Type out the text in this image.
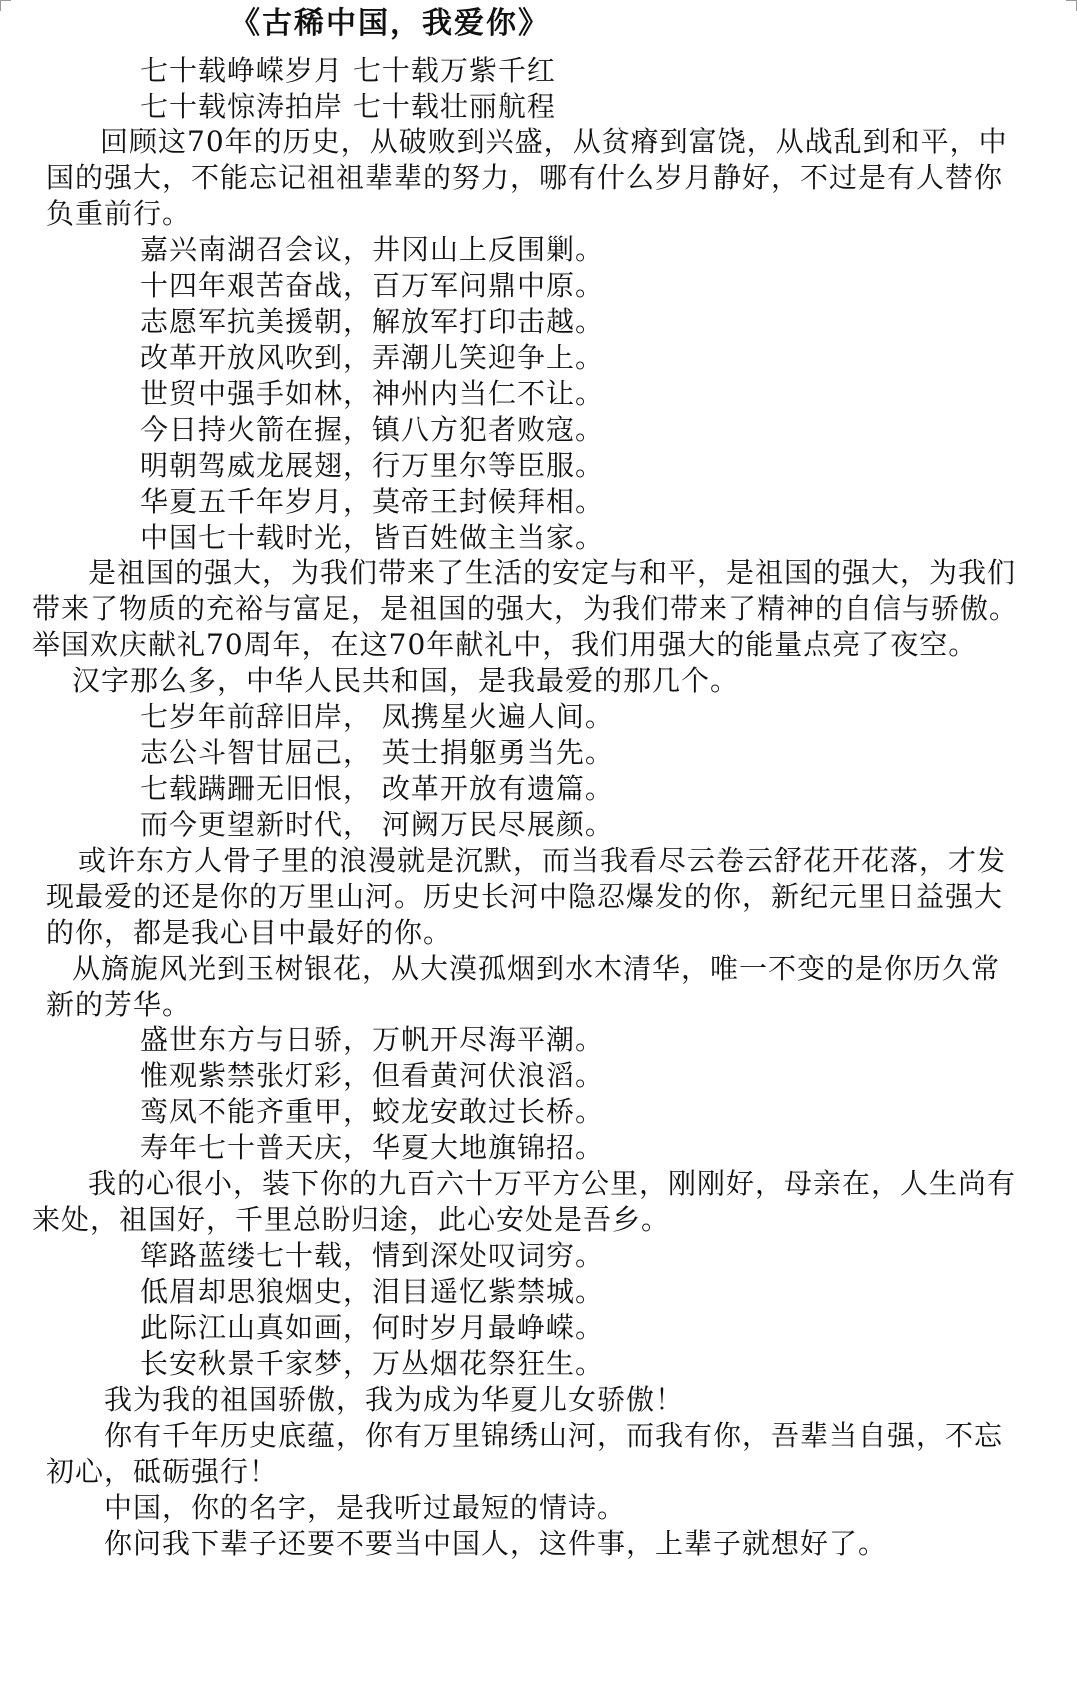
《古稀中国，我爱你》
七十载峥嵘岁月 七十载万紫千红
七十载惊涛拍岸 七十载壮丽航程
回顾这70年的历史，从破败到兴盛，从贫瘠到富饶，从战乱到和平，中
国的强大，不能忘记祖祖辈辈的努力，哪有什么岁月静好，不过是有人替你
负重前行。
嘉兴南湖召会议，井冈山上反围剿。
十四年艰苦奋战，百万军问鼎中原。
志愿军抗美援朝，解放军打印击越。
改革开放风吹到，弄潮儿笑迎争上。
世贸中强手如林，神州内当仁不让。
今日持火箭在握，镇八方犯者败寇。
明朝驾威龙展翅，行万里尔等臣服。
华夏五千年岁月，莫帝王封候拜相。
中国七十载时光，皆百姓做主当家。
是祖国的强大，为我们带来了生活的安定与和平，是祖国的强大，为我们
带来了物质的充裕与富足，是祖国的强大，为我们带来了精神的自信与骄傲。
举国欢庆献礼70周年，在这70年献礼中，我们用强大的能量点亮了夜空。
汉字那么多，中华人民共和国，是我最爱的那几个。
七岁年前辞旧岸， 凤携星火遍人间。
志公斗智甘屈己， 英士捐躯勇当先。
七载蹒跚无旧恨， 改革开放有遗篇。
而今更望新时代， 河阙万民尽展颜。
或许东方人骨子里的浪漫就是沉默，而当我看尽云卷云舒花开花落，才发
现最爱的还是你的万里山河。历史长河中隐忍爆发的你，新纪元里日益强大
的你，都是我心目中最好的你。
从旖旎风光到玉树银花，从大漠孤烟到水木清华，唯一不变的是你历久常
新的芳华。
盛世东方与日骄，万帆开尽海平潮。
惟观紫禁张灯彩，但看黄河伏浪滔。
鸾凤不能齐重甲，蛟龙安敢过长桥。
寿年七十普天庆，华夏大地旗锦招。
我的心很小，装下你的九百六十万平方公里，刚刚好，母亲在，人生尚有
来处，祖国好，千里总盼归途，此心安处是吾乡。
筚路蓝缕七十载，情到深处叹词穷。
低眉却思狼烟史，泪目遥忆紫禁城。
此际江山真如画，何时岁月最峥嵘。
长安秋景千家梦，万丛烟花祭狂生。
我为我的祖国骄傲，我为成为华夏儿女骄傲！
你有千年历史底蕴，你有万里锦绣山河，而我有你，吾辈当自强，不忘
初心，砥砺强行！
中国，你的名字，是我听过最短的情诗。
你问我下辈子还要不要当中国人，这件事，上辈子就想好了。
